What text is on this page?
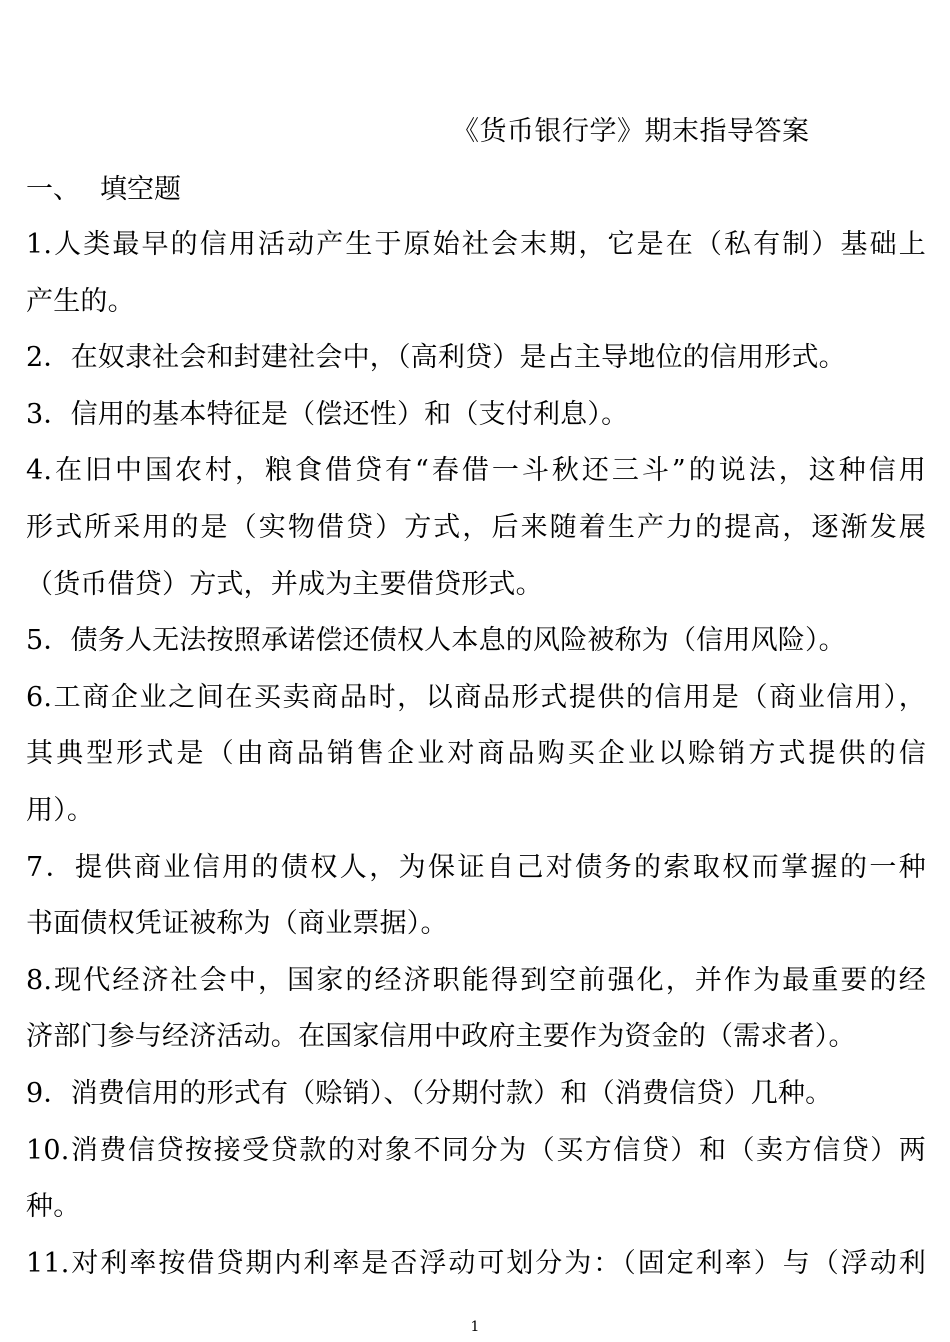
《货币银行学》期末指导答案
一、 填空题
1.人类最早的信用活动产生于原始社会末期，它是在（私有制）基础上
产生的。
2．在奴隶社会和封建社会中，（高利贷）是占主导地位的信用形式。
3．信用的基本特征是（偿还性）和（支付利息）。
4.在旧中国农村，粮食借贷有“春借一斗秋还三斗”的说法，这种信用
形式所采用的是（实物借贷）方式，后来随着生产力的提高，逐渐发展
（货币借贷）方式，并成为主要借贷形式。
5．债务人无法按照承诺偿还债权人本息的风险被称为（信用风险）。
6.工商企业之间在买卖商品时，以商品形式提供的信用是（商业信用），
其典型形式是（由商品销售企业对商品购买企业以赊销方式提供的信
用）。
7．提供商业信用的债权人，为保证自己对债务的索取权而掌握的一种
书面债权凭证被称为（商业票据）。
8.现代经济社会中，国家的经济职能得到空前强化，并作为最重要的经
济部门参与经济活动。在国家信用中政府主要作为资金的（需求者）。
9．消费信用的形式有（赊销）、（分期付款）和（消费信贷）几种。
10.消费信贷按接受贷款的对象不同分为（买方信贷）和（卖方信贷）两
种。
11.对利率按借贷期内利率是否浮动可划分为：（固定利率）与（浮动利
1
